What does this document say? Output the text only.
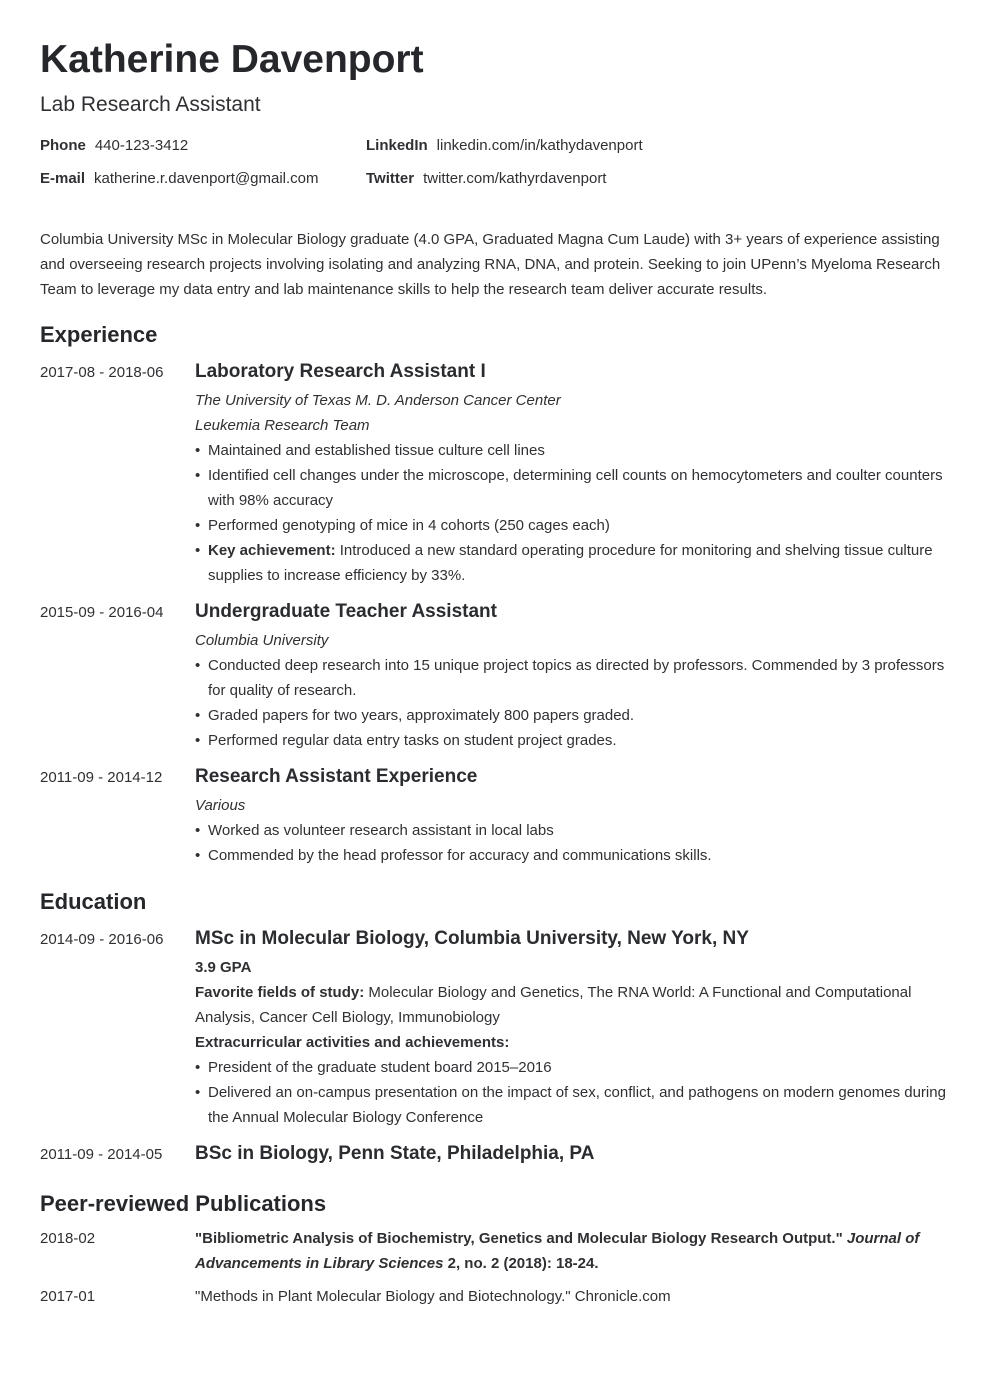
Katherine Davenport
Lab Research Assistant
Phone 440-123-3412	LinkedIn linkedin.com/in/kathydavenport
E-mail katherine.r.davenport@gmail.com	Twitter twitter.com/kathyrdavenport
Columbia University MSc in Molecular Biology graduate (4.0 GPA, Graduated Magna Cum Laude) with 3+ years of experience assisting and overseeing research projects involving isolating and analyzing RNA, DNA, and protein. Seeking to join UPenn’s Myeloma Research Team to leverage my data entry and lab maintenance skills to help the research team deliver accurate results.
Experience
2017-08 - 2018-06 Laboratory Research Assistant I
The University of Texas M. D. Anderson Cancer Center
Leukemia Research Team
• Maintained and established tissue culture cell lines
• Identified cell changes under the microscope, determining cell counts on hemocytometers and coulter counters with 98% accuracy
• Performed genotyping of mice in 4 cohorts (250 cages each)
• Key achievement: Introduced a new standard operating procedure for monitoring and shelving tissue culture supplies to increase efficiency by 33%.
2015-09 - 2016-04 Undergraduate Teacher Assistant
Columbia University
• Conducted deep research into 15 unique project topics as directed by professors. Commended by 3 professors for quality of research.
• Graded papers for two years, approximately 800 papers graded.
• Performed regular data entry tasks on student project grades.
2011-09 - 2014-12 Research Assistant Experience
Various
• Worked as volunteer research assistant in local labs
• Commended by the head professor for accuracy and communications skills.
Education
2014-09 - 2016-06 MSc in Molecular Biology, Columbia University, New York, NY
3.9 GPA
Favorite fields of study: Molecular Biology and Genetics, The RNA World: A Functional and Computational Analysis, Cancer Cell Biology, Immunobiology
Extracurricular activities and achievements:
• President of the graduate student board 2015–2016
• Delivered an on-campus presentation on the impact of sex, conflict, and pathogens on modern genomes during the Annual Molecular Biology Conference
2011-09 - 2014-05 BSc in Biology, Penn State, Philadelphia, PA
Peer-reviewed Publications
2018-02	"Bibliometric Analysis of Biochemistry, Genetics and Molecular Biology Research Output." Journal of Advancements in Library Sciences 2, no. 2 (2018): 18-24.
2017-01	"Methods in Plant Molecular Biology and Biotechnology." Chronicle.com
